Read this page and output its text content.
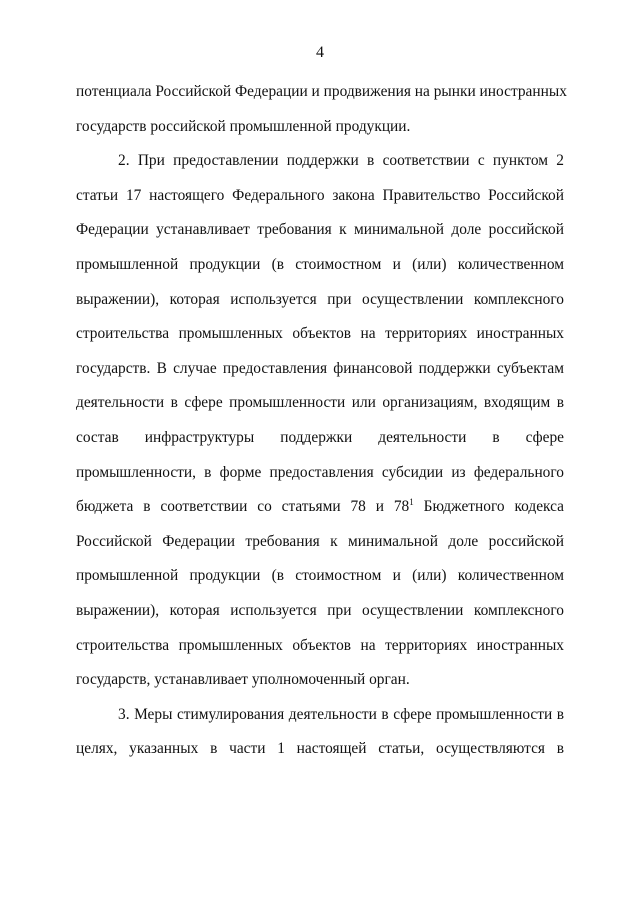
4
потенциала Российской Федерации и продвижения на рынки иностранных
государств российской промышленной продукции.
2. При предоставлении поддержки в соответствии с пунктом 2
статьи 17 настоящего Федерального закона Правительство Российской
Федерации устанавливает требования к минимальной доле российской
промышленной продукции (в стоимостном и (или) количественном
выражении), которая используется при осуществлении комплексного
строительства промышленных объектов на территориях иностранных
государств. В случае предоставления финансовой поддержки субъектам
деятельности в сфере промышленности или организациям, входящим в
состав инфраструктуры поддержки деятельности в сфере
промышленности, в форме предоставления субсидии из федерального
бюджета в соответствии со статьями 78 и $78^1$ Бюджетного кодекса
Российской Федерации требования к минимальной доле российской
промышленной продукции (в стоимостном и (или) количественном
выражении), которая используется при осуществлении комплексного
строительства промышленных объектов на территориях иностранных
государств, устанавливает уполномоченный орган.
3. Меры стимулирования деятельности в сфере промышленности в
целях, указанных в части 1 настоящей статьи, осуществляются в
